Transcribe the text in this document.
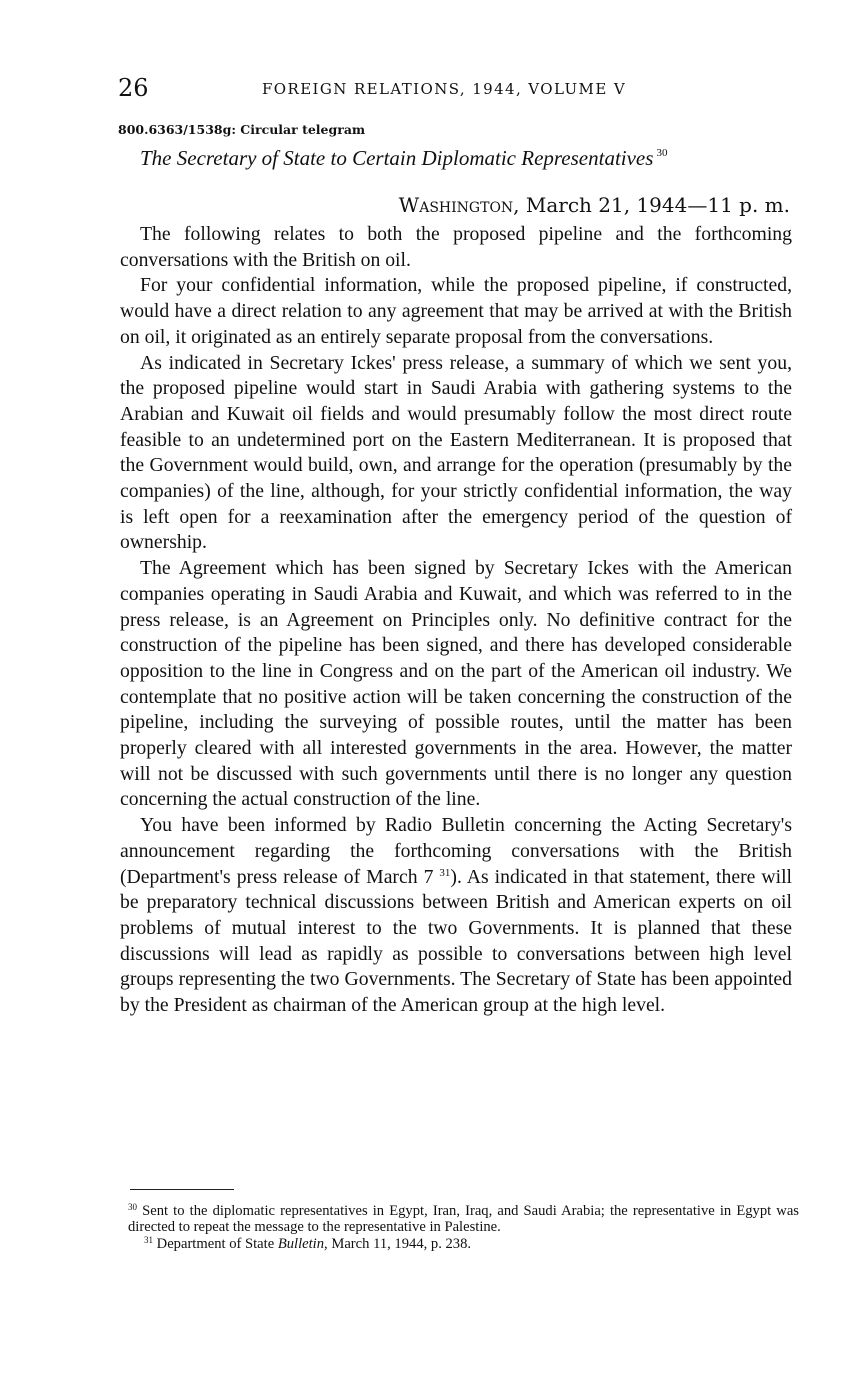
26	FOREIGN RELATIONS, 1944, VOLUME V
800.6363/1538g: Circular telegram
The Secretary of State to Certain Diplomatic Representatives $^{30}$
Washington, March 21, 1944—11 p. m.

The following relates to both the proposed pipeline and the forthcoming conversations with the British on oil.

For your confidential information, while the proposed pipeline, if constructed, would have a direct relation to any agreement that may be arrived at with the British on oil, it originated as an entirely separate proposal from the conversations.

As indicated in Secretary Ickes' press release, a summary of which we sent you, the proposed pipeline would start in Saudi Arabia with gathering systems to the Arabian and Kuwait oil fields and would presumably follow the most direct route feasible to an undetermined port on the Eastern Mediterranean. It is proposed that the Government would build, own, and arrange for the operation (presumably by the companies) of the line, although, for your strictly confidential information, the way is left open for a reexamination after the emergency period of the question of ownership.

The Agreement which has been signed by Secretary Ickes with the American companies operating in Saudi Arabia and Kuwait, and which was referred to in the press release, is an Agreement on Principles only. No definitive contract for the construction of the pipeline has been signed, and there has developed considerable opposition to the line in Congress and on the part of the American oil industry. We contemplate that no positive action will be taken concerning the construction of the pipeline, including the surveying of possible routes, until the matter has been properly cleared with all interested governments in the area. However, the matter will not be discussed with such governments until there is no longer any question concerning the actual construction of the line.

You have been informed by Radio Bulletin concerning the Acting Secretary's announcement regarding the forthcoming conversations with the British (Department's press release of March 7 $^{31}$). As indicated in that statement, there will be preparatory technical discussions between British and American experts on oil problems of mutual interest to the two Governments. It is planned that these discussions will lead as rapidly as possible to conversations between high level groups representing the two Governments. The Secretary of State has been appointed by the President as chairman of the American group at the high level.

$^{30}$ Sent to the diplomatic representatives in Egypt, Iran, Iraq, and Saudi Arabia; the representative in Egypt was directed to repeat the message to the representative in Palestine.

$^{31}$ Department of State Bulletin, March 11, 1944, p. 238.
